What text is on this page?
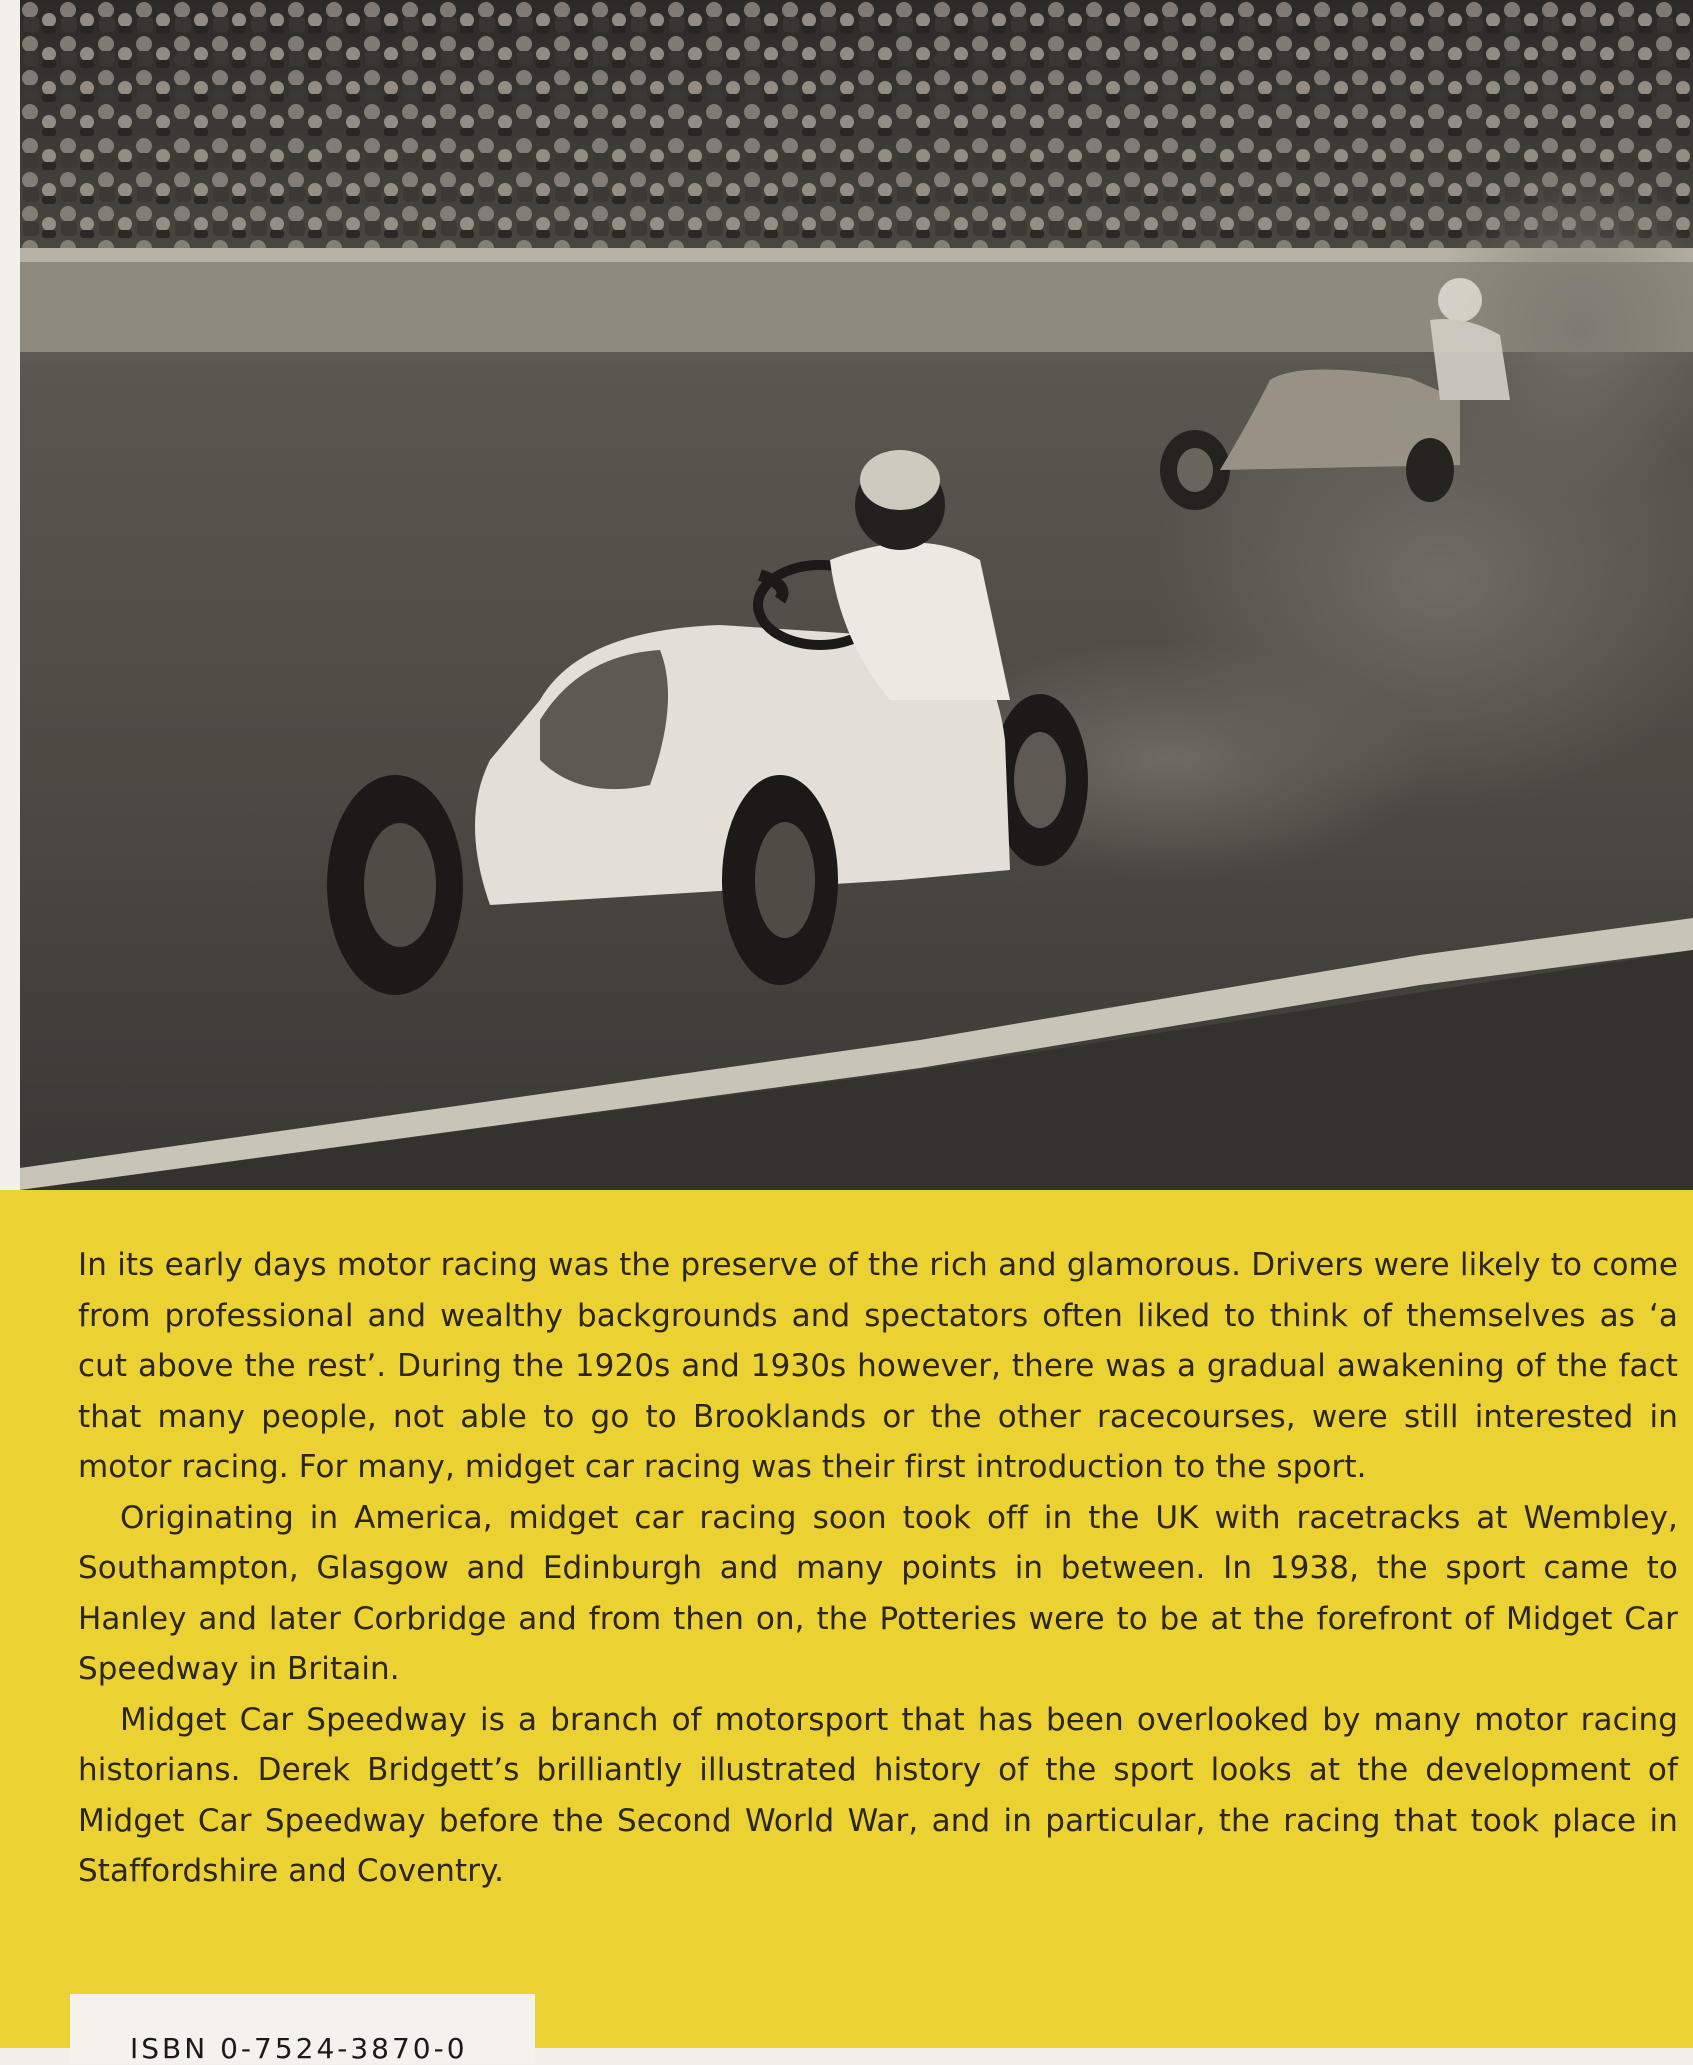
In its early days motor racing was the preserve of the rich and glamorous. Drivers were likely to come from professional and wealthy backgrounds and spectators often liked to think of themselves as ‘a cut above the rest’. During the 1920s and 1930s however, there was a gradual awakening of the fact that many people, not able to go to Brooklands or the other racecourses, were still interested in motor racing. For many, midget car racing was their first introduction to the sport.

Originating in America, midget car racing soon took off in the UK with racetracks at Wembley, Southampton, Glasgow and Edinburgh and many points in between. In 1938, the sport came to Hanley and later Corbridge and from then on, the Potteries were to be at the forefront of Midget Car Speedway in Britain.

Midget Car Speedway is a branch of motorsport that has been overlooked by many motor racing historians. Derek Bridgett’s brilliantly illustrated history of the sport looks at the development of Midget Car Speedway before the Second World War, and in particular, the racing that took place in Staffordshire and Coventry.

ISBN 0-7524-3870-0
